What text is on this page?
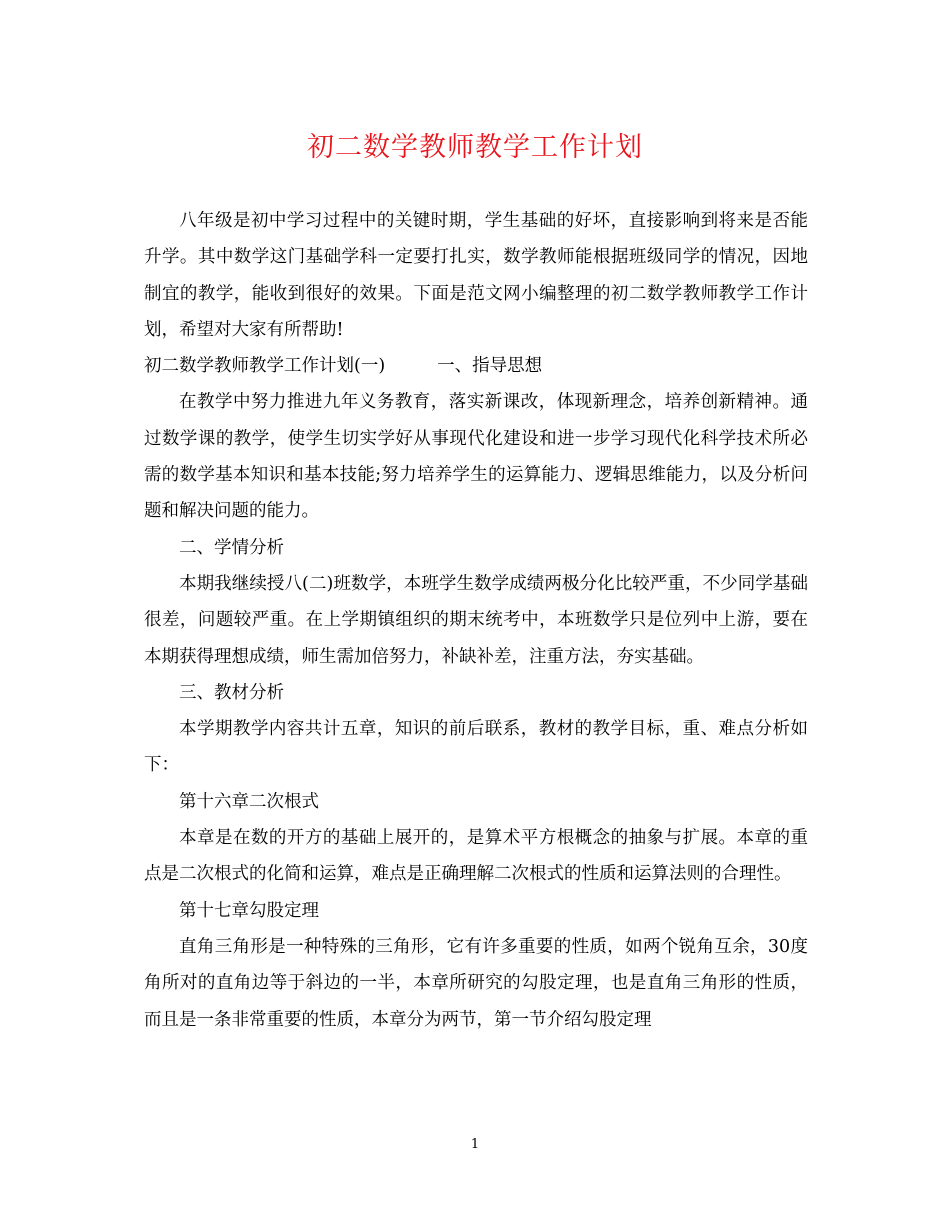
初二数学教师教学工作计划

八年级是初中学习过程中的关键时期，学生基础的好坏，直接影响到将来是否能升学。其中数学这门基础学科一定要打扎实，数学教师能根据班级同学的情况，因地制宜的教学，能收到很好的效果。下面是范文网小编整理的初二数学教师教学工作计划，希望对大家有所帮助!

初二数学教师教学工作计划(一)	一、指导思想

在教学中努力推进九年义务教育，落实新课改，体现新理念，培养创新精神。通过数学课的教学，使学生切实学好从事现代化建设和进一步学习现代化科学技术所必需的数学基本知识和基本技能;努力培养学生的运算能力、逻辑思维能力，以及分析问题和解决问题的能力。

二、学情分析

本期我继续授八(二)班数学，本班学生数学成绩两极分化比较严重，不少同学基础很差，问题较严重。在上学期镇组织的期末统考中，本班数学只是位列中上游，要在本期获得理想成绩，师生需加倍努力，补缺补差，注重方法，夯实基础。

三、教材分析

本学期教学内容共计五章，知识的前后联系，教材的教学目标，重、难点分析如下：

第十六章二次根式

本章是在数的开方的基础上展开的，是算术平方根概念的抽象与扩展。本章的重点是二次根式的化简和运算，难点是正确理解二次根式的性质和运算法则的合理性。

第十七章勾股定理

直角三角形是一种特殊的三角形，它有许多重要的性质，如两个锐角互余，30度角所对的直角边等于斜边的一半，本章所研究的勾股定理，也是直角三角形的性质，而且是一条非常重要的性质，本章分为两节，第一节介绍勾股定理

1
